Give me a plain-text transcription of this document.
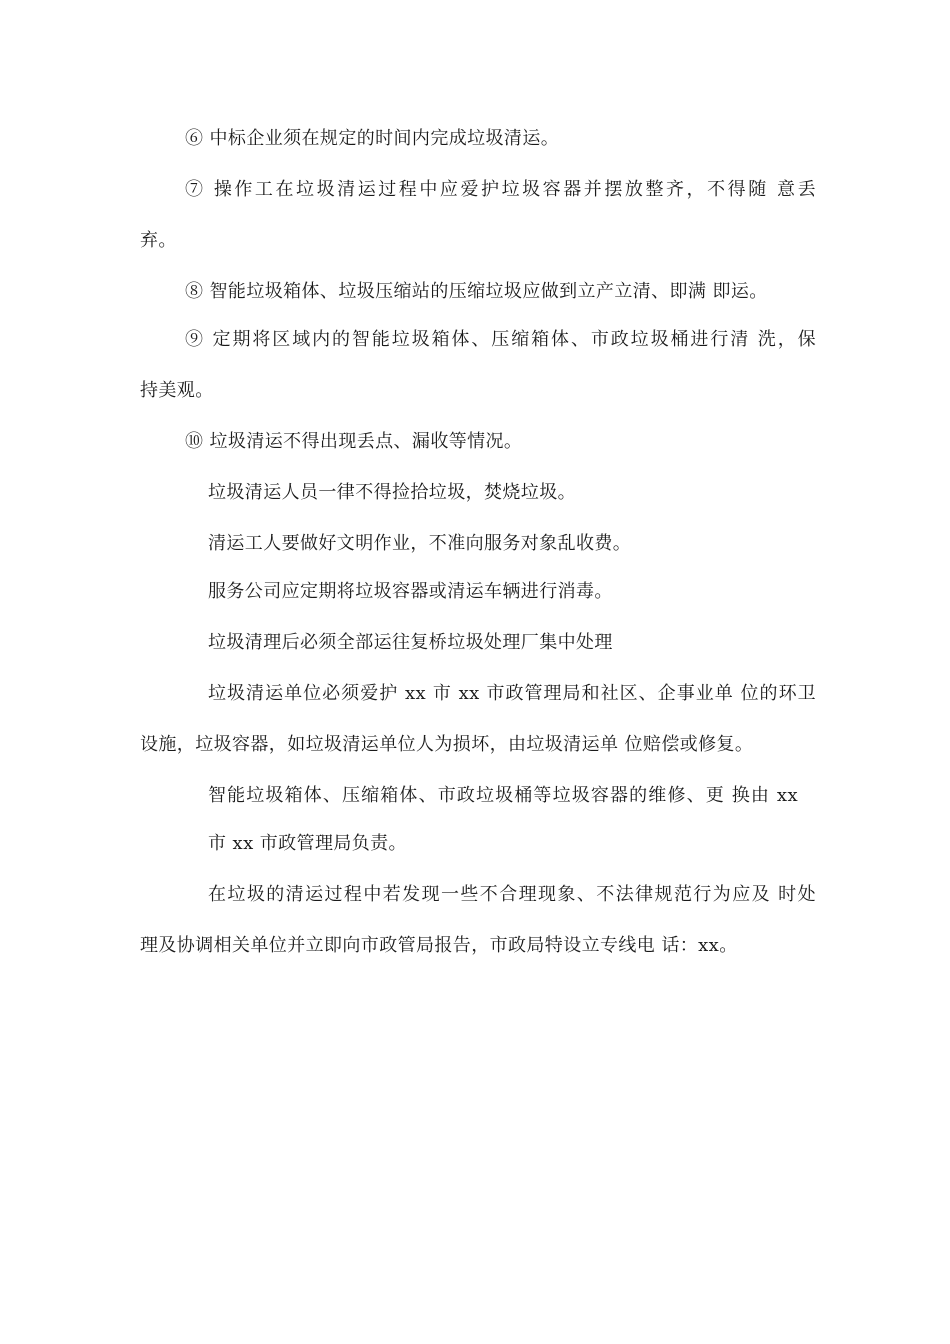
⑥ 中标企业须在规定的时间内完成垃圾清运。
⑦ 操作工在垃圾清运过程中应爱护垃圾容器并摆放整齐，不得随 意丢
弃。
⑧ 智能垃圾箱体、垃圾压缩站的压缩垃圾应做到立产立清、即满 即运。
⑨ 定期将区域内的智能垃圾箱体、压缩箱体、市政垃圾桶进行清 洗，保
持美观。
⑩ 垃圾清运不得出现丢点、漏收等情况。
垃圾清运人员一律不得捡拾垃圾，焚烧垃圾。
清运工人要做好文明作业，不准向服务对象乱收费。
服务公司应定期将垃圾容器或清运车辆进行消毒。
垃圾清理后必须全部运往复桥垃圾处理厂集中处理
垃圾清运单位必须爱护 xx 市 xx 市政管理局和社区、企事业单 位的环卫
设施，垃圾容器，如垃圾清运单位人为损坏，由垃圾清运单 位赔偿或修复。
智能垃圾箱体、压缩箱体、市政垃圾桶等垃圾容器的维修、更 换由 xx
市 xx 市政管理局负责。
在垃圾的清运过程中若发现一些不合理现象、不法律规范行为应及 时处
理及协调相关单位并立即向市政管局报告，市政局特设立专线电 话：xx。
